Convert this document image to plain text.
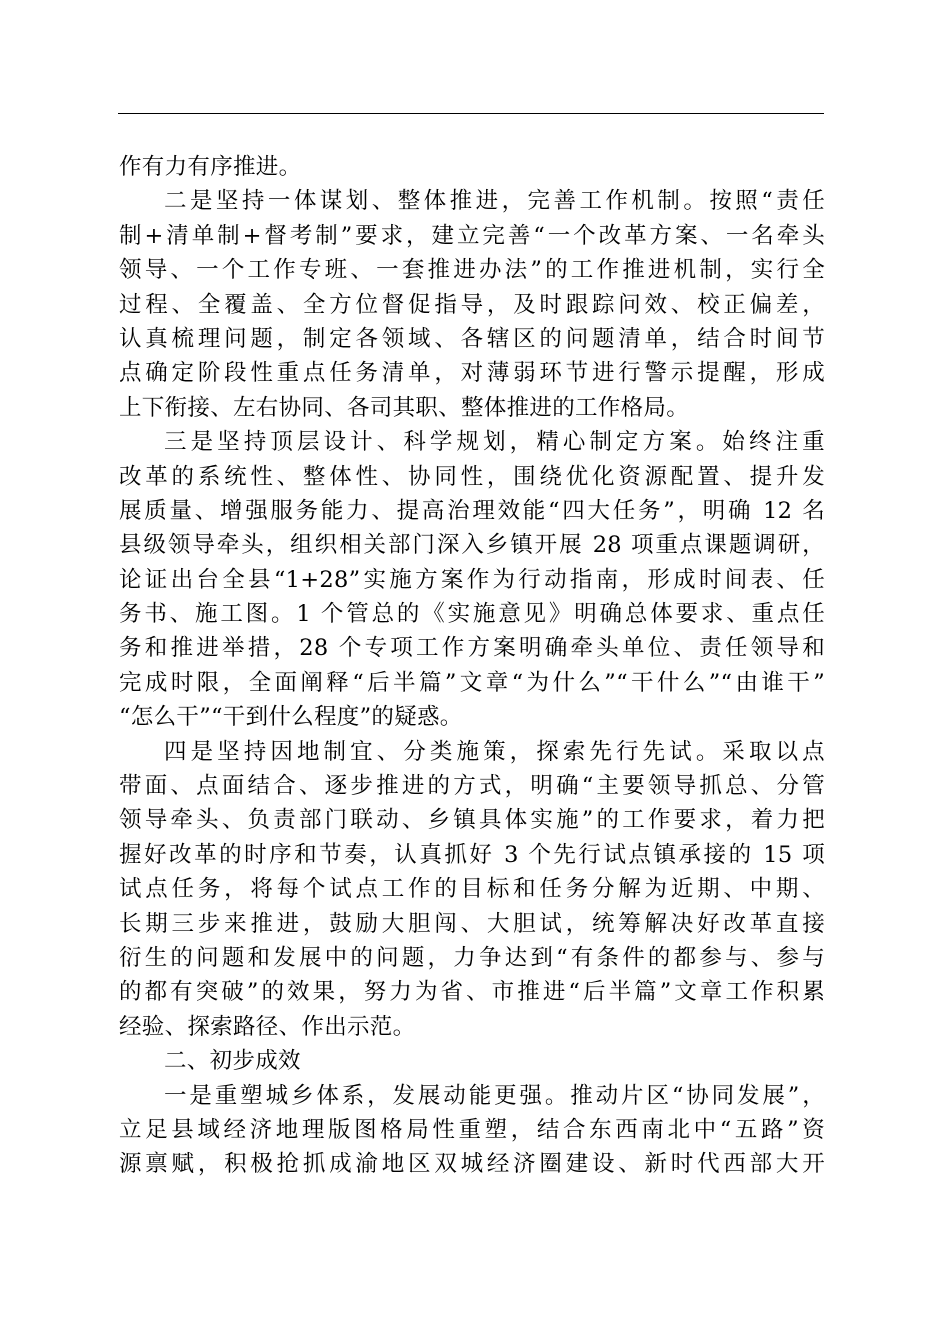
作有力有序推进。
二是坚持一体谋划、整体推进，完善工作机制。按照“责任
制+清单制+督考制”要求，建立完善“一个改革方案、一名牵头
领导、一个工作专班、一套推进办法”的工作推进机制，实行全
过程、全覆盖、全方位督促指导，及时跟踪问效、校正偏差，
认真梳理问题，制定各领域、各辖区的问题清单，结合时间节
点确定阶段性重点任务清单，对薄弱环节进行警示提醒，形成
上下衔接、左右协同、各司其职、整体推进的工作格局。
三是坚持顶层设计、科学规划，精心制定方案。始终注重
改革的系统性、整体性、协同性，围绕优化资源配置、提升发
展质量、增强服务能力、提高治理效能“四大任务”，明确 12 名
县级领导牵头，组织相关部门深入乡镇开展 28 项重点课题调研，
论证出台全县“1+28”实施方案作为行动指南，形成时间表、任
务书、施工图。1 个管总的《实施意见》明确总体要求、重点任
务和推进举措，28 个专项工作方案明确牵头单位、责任领导和
完成时限，全面阐释“后半篇”文章“为什么”“干什么”“由谁干”
“怎么干”“干到什么程度”的疑惑。
四是坚持因地制宜、分类施策，探索先行先试。采取以点
带面、点面结合、逐步推进的方式，明确“主要领导抓总、分管
领导牵头、负责部门联动、乡镇具体实施”的工作要求，着力把
握好改革的时序和节奏，认真抓好 3 个先行试点镇承接的 15 项
试点任务，将每个试点工作的目标和任务分解为近期、中期、
长期三步来推进，鼓励大胆闯、大胆试，统筹解决好改革直接
衍生的问题和发展中的问题，力争达到“有条件的都参与、参与
的都有突破”的效果，努力为省、市推进“后半篇”文章工作积累
经验、探索路径、作出示范。
二、初步成效
一是重塑城乡体系，发展动能更强。推动片区“协同发展”，
立足县域经济地理版图格局性重塑，结合东西南北中“五路”资
源禀赋，积极抢抓成渝地区双城经济圈建设、新时代西部大开
